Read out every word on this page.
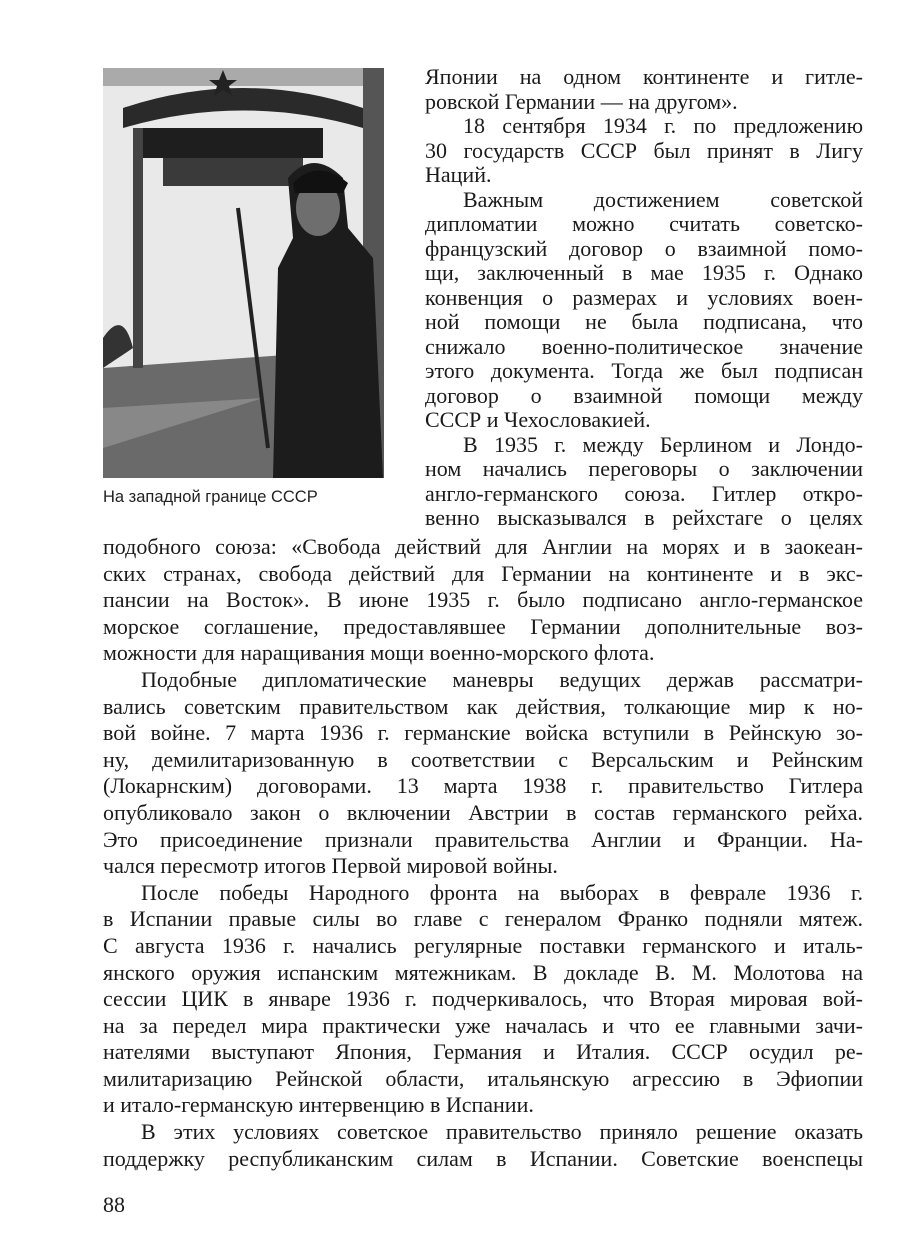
На западной границе СССР
Японии на одном континенте и гитле-
ровской Германии — на другом».
18 сентября 1934 г. по предложению
30 государств СССР был принят в Лигу
Наций.
Важным достижением советской
дипломатии можно считать советско-
французский договор о взаимной помо-
щи, заключенный в мае 1935 г. Однако
конвенция о размерах и условиях воен-
ной помощи не была подписана, что
снижало военно-политическое значение
этого документа. Тогда же был подписан
договор о взаимной помощи между
СССР и Чехословакией.
В 1935 г. между Берлином и Лондо-
ном начались переговоры о заключении
англо-германского союза. Гитлер откро-
венно высказывался в рейхстаге о целях
подобного союза: «Свобода действий для Англии на морях и в заокеан-
ских странах, свобода действий для Германии на континенте и в экс-
пансии на Восток». В июне 1935 г. было подписано англо-германское
морское соглашение, предоставлявшее Германии дополнительные воз-
можности для наращивания мощи военно-морского флота.
Подобные дипломатические маневры ведущих держав рассматри-
вались советским правительством как действия, толкающие мир к но-
вой войне. 7 марта 1936 г. германские войска вступили в Рейнскую зо-
ну, демилитаризованную в соответствии с Версальским и Рейнским
(Локарнским) договорами. 13 марта 1938 г. правительство Гитлера
опубликовало закон о включении Австрии в состав германского рейха.
Это присоединение признали правительства Англии и Франции. На-
чался пересмотр итогов Первой мировой войны.
После победы Народного фронта на выборах в феврале 1936 г.
в Испании правые силы во главе с генералом Франко подняли мятеж.
С августа 1936 г. начались регулярные поставки германского и италь-
янского оружия испанским мятежникам. В докладе В. М. Молотова на
сессии ЦИК в январе 1936 г. подчеркивалось, что Вторая мировая вой-
на за передел мира практически уже началась и что ее главными зачи-
нателями выступают Япония, Германия и Италия. СССР осудил ре-
милитаризацию Рейнской области, итальянскую агрессию в Эфиопии
и итало-германскую интервенцию в Испании.
В этих условиях советское правительство приняло решение оказать
поддержку республиканским силам в Испании. Советские военспецы
88
